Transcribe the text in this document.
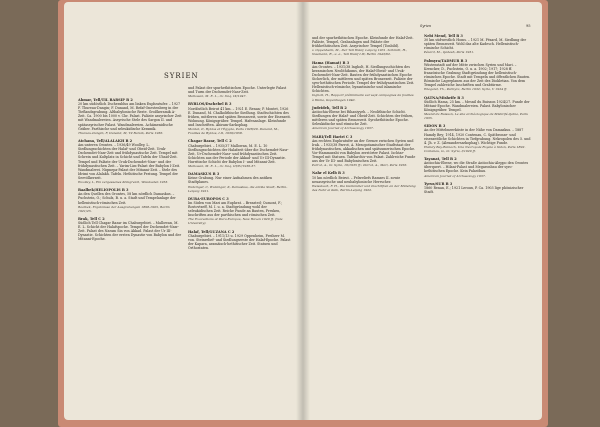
SYRIEN

Ahmar, Tell/TIL BARSIP B 2

20 km südöstlich Dscherablus am linken Euphratufer. – 1927 F. Thureau-Dangin; F. Dunand, M. Refaf-Onestenberg in der Tieflandsgrabung. Altbabylonische Reste. Großkeramik A-Zeit. Ca. 1900 bis 1000 v. Chr. Palast. Paläste assyrischer Zeit mit Wandmalereien. Assyrische Stele des Sargon II. und spätassyrischer Palast. Wandmalereien. Achämenidische Gräber. Parthische und seleukidische Keramik.

Thureau-Dangin, F, Dunand, M, Til Barsib, Paris 1936.

Atchana, Tell/ALALAKH B 2

Am unteren Orontes. – 1936/49 Woolley, L. Siedlungsschichten der Halaf- und Obeid-Zeit. Uruk-Dschemdet-Nasr-Zeit und frühdynastische Zeit. Tempel mit Schrein und Kultplatz in Schicht und Tafeln der Ubaid-Zeit. Tempel und Paläste der Uruk-Dschemdet-Nasr- und der frühdynastischen Zeit. – Yarim-Lim-Palast der Babylon I-Zeit. Wandmalerei. Niqmepa-Palast der Mitanni-Zeit. – Stele des Idrimi von Alalakh. Tafeln. Hethitische Festung. Tempel der Seevölkerzeit.

Woolley, L, Ein vergessenes Königreich, Wiesbaden 1953.

Baalbek/HELIOPOLIS B 3

An den Quellen des Orontes, 58 km nördlich Damaskus. – Puchstein, O.; Schulz, B. u. a. Stadt und Tempelanlage der hellenistisch-römischen Zeit.

Baalbek, Ergebnisse der Ausgrabungen 1898-1905, Berlin 1921/25.

Brak, Tell C 2

Südlich Tell Chagar Bazar im Chaburgebiet. – Mallowan, M. E. L. Schicht der Halafspoche. Tempel der Dschemdet-Nasr-Zeit. Palast des Naram Sin von Akkad. Palast der Ur III-Dynastie. Schichten der ersten Dynastie von Babylon und der Mitanni-Epoche.

und Palast der spurhethitischen Epoche. Unterlegte Palast und Turm der Dschemdet-Nasr-Zeit.

Mallowan, M. E. L., in: Iraq, IX/1947.

BYBLOS/Dschebel B 3

Nordöstlich Beirut 41 km. – 1921 E. Renan; P. Montet, 1926 E. Dunand, M. Chalkolithische Siedlung. Stadtschichten des frühen, mittleren und späten Bronzezeit, sowie der Eisenzeit. Wohnung. Königsgräber. Tempel. Hafenanlage. Kleinfunde und Inschriften. Ahiram-Sarkophag.

Montet, P., Byblos et l'Égypte, Paris 1928/29. Dunand, M., Fouilles de Byblos, I-II, 1939/1958.

Chagar Bazar, Tell C 2

Chaburgebiet. – 1935/37 Mallowan, M. E. L. 10 Siedlungsschichten der Halafzeit über die Dschemdet-Nasr-Zeit, Ur-Dschemdet-Nasr- und frühdynastischen Zeit. Schichten aus der Periode der Akkad- und Ur III-Dynastie. Hurritische Schicht der Babylon I- und Mitanni-Zeit.

Mallowan, M. E. L., in: Iraq, III/IV/1936-37.

DAMASKUS B 3

Keine Grabung. Nur einer Aufnahmen des antiken Stadtplanes.

Watzinger, C, Wulzinger, K, Damaskus, die antike Stadt, Berlin-Leipzig 1921.

DURA-EUROPOS C 3

Im Süden von Mari am Euphrat. – Breasted; Cumont, F.; Rostovtzeff, M. I. u. a. Stadtgründung wohl der seleukidischen Zeit. Reiche Funde an Bauten, Fresken, Inschriften aus der parthischen und römischen Zeit.

The Excavations at Dura-Europos, New Haven 1929 ff. (Yale University).

Halaf, Tell/GUZANA C 2

Chaburgebiet. – 1911/13 u. 1929 Oppenheim, Freiherr M. von. Steinrelief- und Siedlungsreste der Halaf-Epoche. Palast der Kapara, aramäisch-hethitischer Zeit. Statuen und Orthostaten.

Syrien	95

und der spurhethitischen Epoche. Kleinfunde der Halaf-Zeit. Paläste, Tempel, Grabanlagen und Paläste der frühhethitischen Zeit. Assyrischer Tempel (Tonbild).

v. Oppenheim, M., Der Tell Halaf, Leipzig 1931. Schmidt, H., Naumann, R., u. a., Tell Halaf I-IV, Berlin 1943/62.

Hama (Hamat) B 3

Am Orontes. – 1931/38 Ingholt, H. Siedlungsschichten des keramischen Neolithikums, der Halaf-Obeid- und Uruk-Dschemdet-Nasr-Zeit. Bauten der frühdynastischen Epoche Sicherlich, der mittleren und späten Bronzezeit. Paläste der syro-hethitischen Periode. Tempel der frühdynastischen Zeit. Hellenistisch-römische, byzantinische und islamische Schichten.

Ingholt, H., Rapport préliminaire sur sept campagnes de fouilles à Hama, Kopenhagen 1940.

Judeideh, Tell B 2

Antiochia-Ebene bei Rihaniyyeh. – Neolithische Schicht. Siedlungen der Halaf- und Obeid-Zeit. Schichten der frühen, mittleren und späten Bronzezeit. Syrohethitische Epoche. Seleukidische und römische Zeit.

American Journal of Archaeology 1937.

MARI/Tell Hariri C 3

Am rechten Euphratufer an der Grenze zwischen Syrien und Irak. – 1933/38 Parrot, A. Mesopotamischer Stadtstaat der frühdynastischen, akkadischen und spätsumerischen Epoche. Vor-Hammurabi von Babylon zerstörter Palast. Ischtar-Tempel mit Statuen. Tafelarchiv von Palast. Zahlreiche Funde aus der Ur III- und Babylonischen Zeit.

Parrot, A., in: Syria, 16/1935 ff.; Parrot, A., Mari, Paris 1956.

Nahr el Kelb B 3

10 km nördlich Beirut. – Felsreliefs Ramses II. sowie neuassyrische und neubabylonische Herrscher.

Weissbach, F. H., Die Denkmäler und Inschriften an der Mündung des Nahr el Kelb, Berlin-Leipzig 1922.

Nebi Mend, Tell B 3

30 km südwestlich Homs. – 1921 M. Pézard, M. Siedlung der späten Bronzezeit. Wohl das alte Kadesch. Hellenistisch-römische Schicht.

Pézard, M., Qadesh, Paris 1931.

Palmyra/TADMUR B 3

Wüstenstadt auf der Mitte zwischen Syrien und Mari. – Krencker, D., Puchstein, O. u. a. 1902; 1917; 1928 ff. französische Grabung Stadtgründung der hellenistisch-römischen Epoche. Stadt mit Tempeln und öffentlichen Bauten. Römische Lagerplanen aus der Zeit des Diokletian. Von dem Tempel zahlreiche Inschriften und Grabtürme.

Wiegand, Th., Palmyra, Berlin 1932; Syria, V 1924 ff.

QATNA/Mishrife B 3

Südlich Hama, 25 km. – Mesnil du Buisson 1924/27. Funde der Mittani-Epoche. Wandmalereien. Palast. Babylonischer Königsgräber. Tempel.

Mesnil du Buisson, Le site archéologique de Mishrifé-Qatna, Paris 1935.

SIDON B 3

An der Mittelmeerküste in der Nähe von Damaskus. – 1887 Hamdy Bey; 1914, 1920 Contenau, C. Spätbronze- und eisenzeitliche Schichten in Tiefgrabung. Nekropolen des 5. und 4. Jh. v. Z. (Alexandersarkophag). Wichtige Funde.

Hamdy Bey-Reinach, Une Nécropole Royale à Sidon, Paris 1892. Contenau, G., in: Syria, I/1920 ff.

Tayanat, Tell B 2

Antiochia-Ebene, wo die Straße Antiochia-Aleppo den Orontes überquert. – Hilani-Palast und Megaronbau der syro-hethitischen Epoche. Kein Palastbau.

American Journal of Archaeology 1937.

Tyrus/SUR B 3

1860 Renan, E.; 1921 Leroux, P. Ca. 1903 lige phönizischer Stadt.
